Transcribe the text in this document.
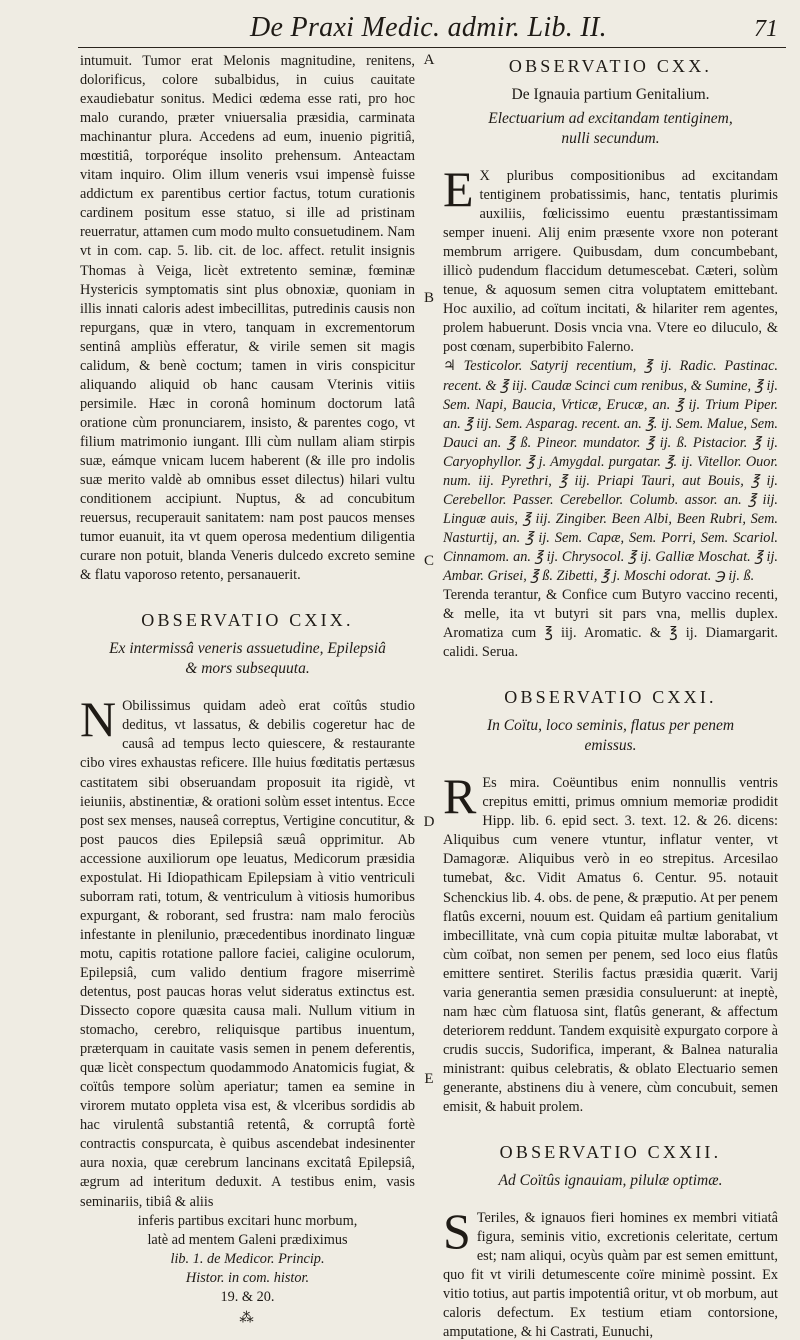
De Praxi Medic. admir. Lib. II.	71
A
B
C
D
E

intumuit. Tumor erat Melonis magnitudine, renitens, dolorificus, colore subalbidus, in cuius cauitate exaudiebatur sonitus. Medici œdema esse rati, pro hoc malo curando, præter vniuersalia præsidia, carminata machinantur plura. Accedens ad eum, inuenio pigritiâ, mœstitiâ, torporéque insolito prehensum. Anteactam vitam inquiro. Olim illum veneris vsui impensè fuisse addictum ex parentibus certior factus, totum curationis cardinem positum esse statuo, si ille ad pristinam reuerratur, attamen cum modo multo consuetudinem. Nam vt in com. cap. 5. lib. cit. de loc. affect. retulit insignis Thomas à Veiga, licèt extretento seminæ, fœminæ Hystericis symptomatis sint plus obnoxiæ, quoniam in illis innati caloris adest imbecillitas, putredinis causis non repurgans, quæ in vtero, tanquam in excrementorum sentinâ ampliùs efferatur, & virile semen sit magis calidum, & benè coctum; tamen in viris conspicitur aliquando aliquid ob hanc causam Vterinis vitiis persimile. Hæc in coronâ hominum doctorum latâ oratione cùm pronunciarem, insisto, & parentes cogo, vt filium matrimonio iungant. Illi cùm nullam aliam stirpis suæ, eámque vnicam lucem haberent (& ille pro indolis suæ merito valdè ab omnibus esset dilectus) hilari vultu conditionem accipiunt. Nuptus, & ad concubitum reuersus, recuperauit sanitatem: nam post paucos menses tumor euanuit, ita vt quem operosa medentium diligentia curare non potuit, blanda Veneris dulcedo excreto semine & flatu vaporoso retento, persanauerit.

OBSERVATIO CXIX.
Ex intermissâ veneris assuetudine, Epilepsiâ
& mors subsequuta.

N Obilissimus quidam adeò erat coïtûs studio deditus, vt lassatus, & debilis cogeretur hac de causâ ad tempus lecto quiescere, & restaurante cibo vires exhaustas reficere. Ille huius fœditatis pertæsus castitatem sibi obseruandam proposuit ita rigidè, vt ieiuniis, abstinentiæ, & orationi solùm esset intentus. Ecce post sex menses, nauseâ correptus, Vertigine concutitur, & post paucos dies Epilepsiâ sæuâ opprimitur. Ab accessione auxiliorum ope leuatus, Medicorum præsidia expostulat. Hi Idiopathicam Epilepsiam à vitio ventriculi suborram rati, totum, & ventriculum à vitiosis humoribus expurgant, & roborant, sed frustra: nam malo ferociùs infestante in plenilunio, præcedentibus inordinato linguæ motu, capitis rotatione pallore faciei, caligine oculorum, Epilepsiâ, cum valido dentium fragore miserrimè detentus, post paucas horas velut sideratus extinctus est. Dissecto copore quæsita causa mali. Nullum vitium in stomacho, cerebro, reliquisque partibus inuentum, præterquam in cauitate vasis semen in penem deferentis, quæ licèt conspectum quodammodo Anatomicis fugiat, & coïtûs tempore solùm aperiatur; tamen ea semine in virorem mutato oppleta visa est, & vlceribus sordidis ab hac virulentâ substantiâ retentâ, & corruptâ fortè contractis conspurcata, è quibus ascendebat indesinenter aura noxia, quæ cerebrum lancinans excitatâ Epilepsiâ, ægrum ad interitum deduxit. A testibus enim, vasis seminariis, tibiâ & aliis

inferis partibus excitari hunc morbum,
latè ad mentem Galeni prædiximus
lib. 1. de Medicor. Princip.
Histor. in com. histor.
19. & 20.
⁂
OBSERVATIO CXX.
De Ignauia partium Genitalium.
Electuarium ad excitandam tentiginem,
nulli secundum.

E X pluribus compositionibus ad excitandam tentiginem probatissimis, hanc, tentatis plurimis auxiliis, fœlicissimo euentu præstantissimam semper inueni. Alij enim præsente vxore non poterant membrum arrigere. Quibusdam, dum concumbebant, illicò pudendum flaccidum detumescebat. Cæteri, solùm tenue, & aquosum semen citra voluptatem emittebant. Hoc auxilio, ad coïtum incitati, & hilariter rem agentes, prolem habuerunt. Dosis vncia vna. Vtere eo diluculo, & post cœnam, superbibito Falerno.

♃ Testicolor. Satyrij recentium, ℥ ij. Radic. Pastinac. recent. & ℥ iij. Caudæ Scinci cum renibus, & Sumine, ℥ ij. Sem. Napi, Baucia, Vrticæ, Erucæ, an. ℥ ij. Trium Piper. an. ℥ iij. Sem. Asparag. recent. an. ℥. ij. Sem. Malue, Sem. Dauci an. ℥ ß. Pineor. mundator. ℥ ij. ß. Pistacior. ℥ ij. Caryophyllor. ℥ j. Amygdal. purgatar. ℥. ij. Vitellor. Ouor. num. iij. Pyrethri, ℥ iij. Priapi Tauri, aut Bouis, ℥ ij. Cerebellor. Passer. Cerebellor. Columb. assor. an. ℥ iij. Linguæ auis, ℥ iij. Zingiber. Been Albi, Been Rubri, Sem. Nasturtij, an. ℥ ij. Sem. Capæ, Sem. Porri, Sem. Scariol. Cinnamom. an. ℥ ij. Chrysocol. ℥ ij. Galliæ Moschat. ℥ ij. Ambar. Grisei, ℥ ß. Zibetti, ℥ j. Moschi odorat. ℈ ij. ß.

Terenda terantur, & Confice cum Butyro vaccino recenti, & melle, ita vt butyri sit pars vna, mellis duplex. Aromatiza cum ℥ iij. Aromatic. & ℥ ij. Diamargarit. calidi. Serua.

OBSERVATIO CXXI.
In Coïtu, loco seminis, flatus per penem
emissus.

R Es mira. Coëuntibus enim nonnullis ventris crepitus emitti, primus omnium memoriæ prodidit Hipp. lib. 6. epid sect. 3. text. 12. & 26. dicens: Aliquibus cum venere vtuntur, inflatur venter, vt Damagoræ. Aliquibus verò in eo strepitus. Arcesilao tumebat, &c. Vidit Amatus 6. Centur. 95. notauit Schenckius lib. 4. obs. de pene, & præputio. At per penem flatûs excerni, nouum est. Quidam eâ partium genitalium imbecillitate, vnà cum copia pituitæ multæ laborabat, vt cùm coïbat, non semen per penem, sed loco eius flatûs emittere sentiret. Sterilis factus præsidia quærit. Varij varia generantia semen præsidia consuluerunt: at ineptè, nam hæc cùm flatuosa sint, flatûs generant, & affectum deteriorem reddunt. Tandem exquisitè expurgato corpore à crudis succis, Sudorifica, imperant, & Balnea naturalia ministrant: quibus celebratis, & oblato Electuario semen generante, abstinens diu à venere, cùm concubuit, semen emisit, & habuit prolem.

OBSERVATIO CXXII.
Ad Coïtûs ignauiam, pilulæ optimæ.

S Teriles, & ignauos fieri homines ex membri vitiatâ figura, seminis vitio, excretionis celeritate, certum est; nam aliqui, ocyùs quàm par est semen emittunt, quo fit vt virili detumescente coïre minimè possint. Ex vitio totius, aut partis impotentiâ oritur, vt ob morbum, aut caloris defectum. Ex testium etiam contorsione, amputatione, & hi Castrati, Eunuchi,
